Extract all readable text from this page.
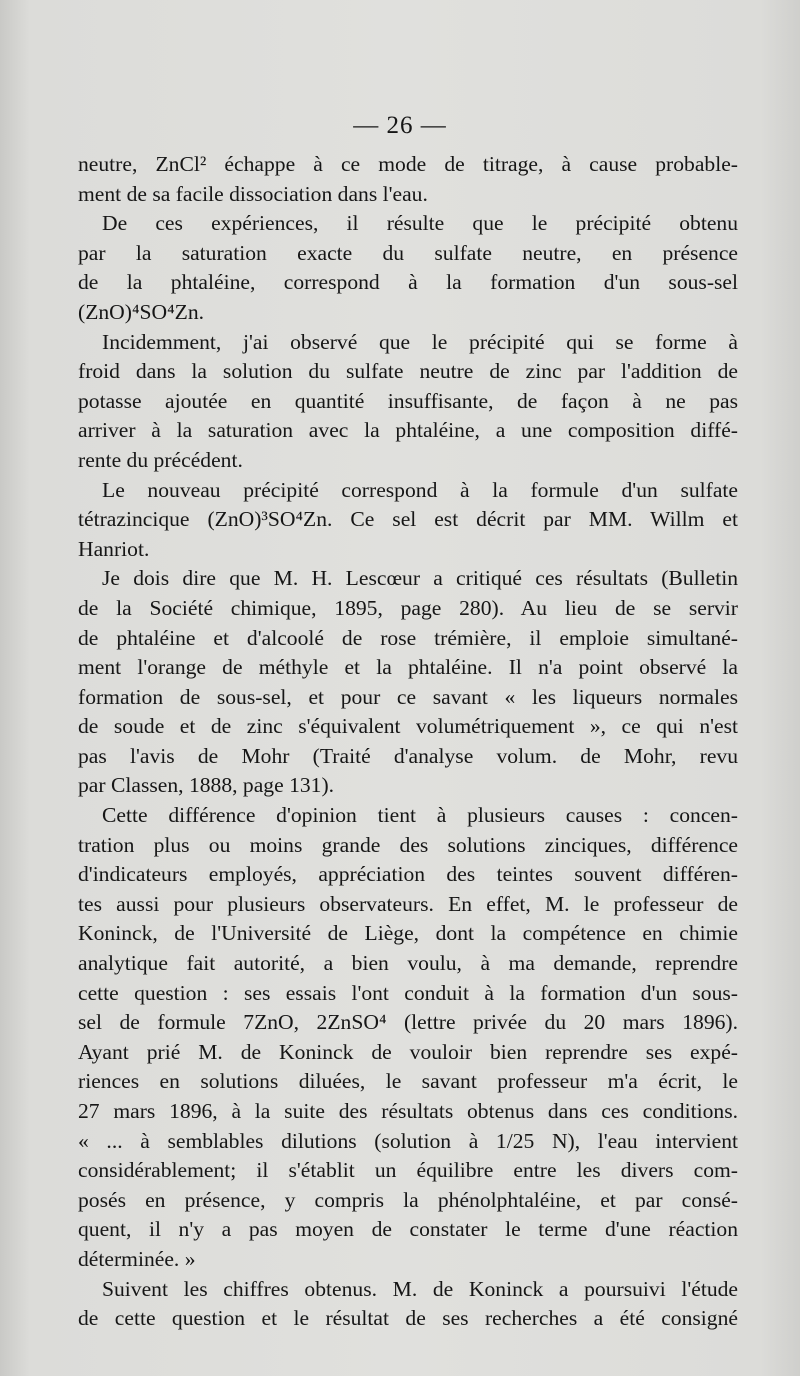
— 26 —
neutre, ZnCl² échappe à ce mode de titrage, à cause probable-
ment de sa facile dissociation dans l'eau.
De ces expériences, il résulte que le précipité obtenu
par la saturation exacte du sulfate neutre, en présence
de la phtaléine, correspond à la formation d'un sous-sel
(ZnO)⁴SO⁴Zn.
Incidemment, j'ai observé que le précipité qui se forme à
froid dans la solution du sulfate neutre de zinc par l'addition de
potasse ajoutée en quantité insuffisante, de façon à ne pas
arriver à la saturation avec la phtaléine, a une composition diffé-
rente du précédent.
Le nouveau précipité correspond à la formule d'un sulfate
tétrazincique (ZnO)³SO⁴Zn. Ce sel est décrit par MM. Willm et
Hanriot.
Je dois dire que M. H. Lescœur a critiqué ces résultats (Bulletin
de la Société chimique, 1895, page 280). Au lieu de se servir
de phtaléine et d'alcoolé de rose trémière, il emploie simultané-
ment l'orange de méthyle et la phtaléine. Il n'a point observé la
formation de sous-sel, et pour ce savant « les liqueurs normales
de soude et de zinc s'équivalent volumétriquement », ce qui n'est
pas l'avis de Mohr (Traité d'analyse volum. de Mohr, revu
par Classen, 1888, page 131).
Cette différence d'opinion tient à plusieurs causes : concen-
tration plus ou moins grande des solutions zinciques, différence
d'indicateurs employés, appréciation des teintes souvent différen-
tes aussi pour plusieurs observateurs. En effet, M. le professeur de
Koninck, de l'Université de Liège, dont la compétence en chimie
analytique fait autorité, a bien voulu, à ma demande, reprendre
cette question : ses essais l'ont conduit à la formation d'un sous-
sel de formule 7ZnO, 2ZnSO⁴ (lettre privée du 20 mars 1896).
Ayant prié M. de Koninck de vouloir bien reprendre ses expé-
riences en solutions diluées, le savant professeur m'a écrit, le
27 mars 1896, à la suite des résultats obtenus dans ces conditions.
« ... à semblables dilutions (solution à 1/25 N), l'eau intervient
considérablement; il s'établit un équilibre entre les divers com-
posés en présence, y compris la phénolphtaléine, et par consé-
quent, il n'y a pas moyen de constater le terme d'une réaction
déterminée. »
Suivent les chiffres obtenus. M. de Koninck a poursuivi l'étude
de cette question et le résultat de ses recherches a été consigné
